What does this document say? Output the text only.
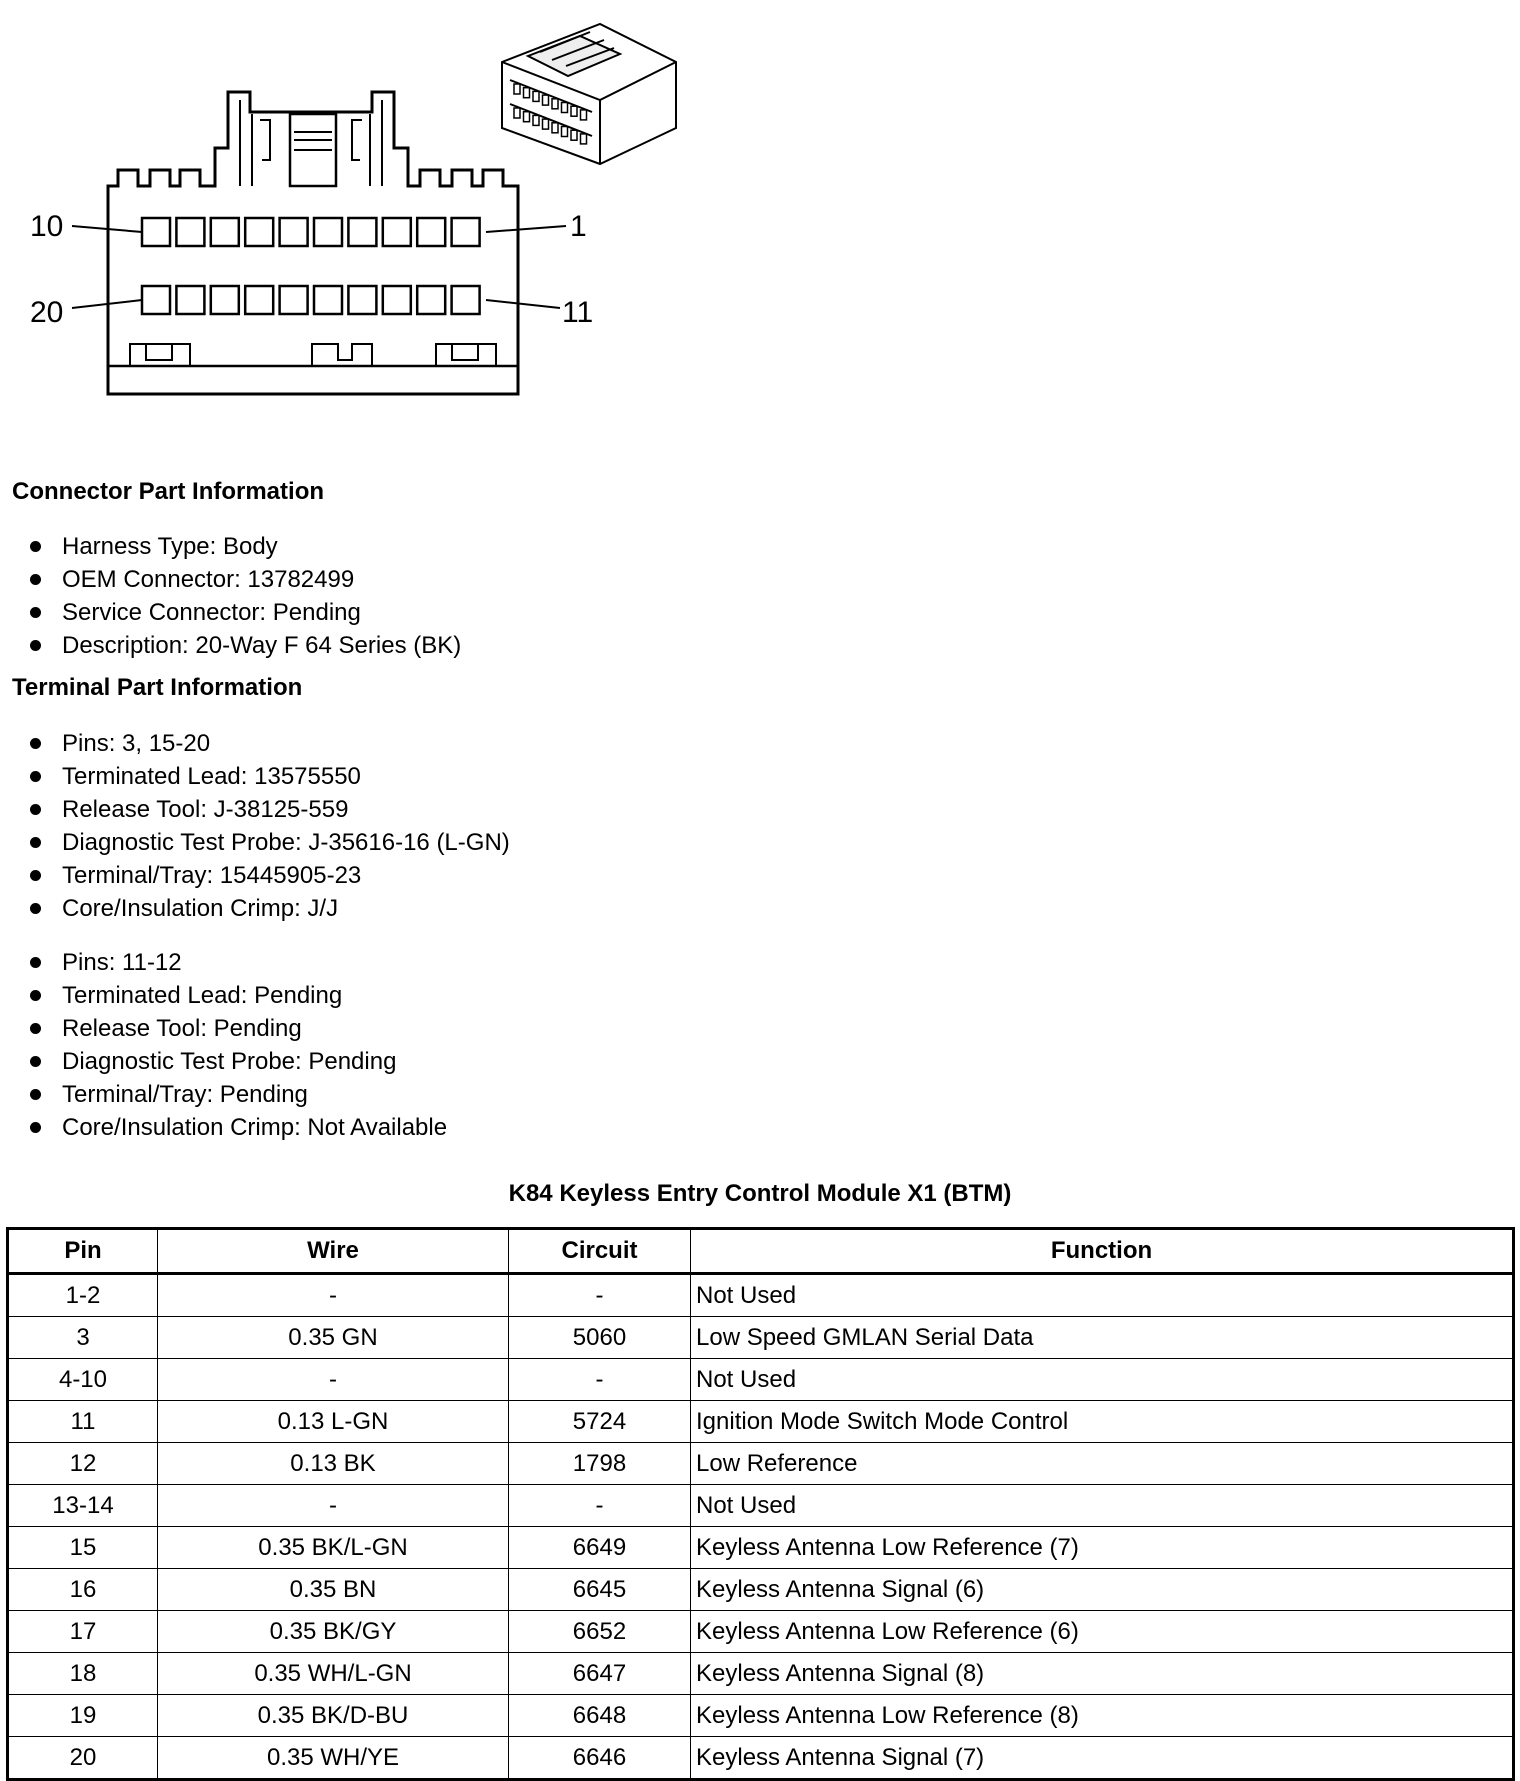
10	1
20	11
Connector Part Information
Harness Type: Body
OEM Connector: 13782499
Service Connector: Pending
Description: 20-Way F 64 Series (BK)
Terminal Part Information
Pins: 3, 15-20
Terminated Lead: 13575550
Release Tool: J-38125-559
Diagnostic Test Probe: J-35616-16 (L-GN)
Terminal/Tray: 15445905-23
Core/Insulation Crimp: J/J
Pins: 11-12
Terminated Lead: Pending
Release Tool: Pending
Diagnostic Test Probe: Pending
Terminal/Tray: Pending
Core/Insulation Crimp: Not Available
K84 Keyless Entry Control Module X1 (BTM)
Pin	Wire	Circuit	Function
1-2	-	-	Not Used
3	0.35 GN	5060	Low Speed GMLAN Serial Data
4-10	-	-	Not Used
11	0.13 L-GN	5724	Ignition Mode Switch Mode Control
12	0.13 BK	1798	Low Reference
13-14	-	-	Not Used
15	0.35 BK/L-GN	6649	Keyless Antenna Low Reference (7)
16	0.35 BN	6645	Keyless Antenna Signal (6)
17	0.35 BK/GY	6652	Keyless Antenna Low Reference (6)
18	0.35 WH/L-GN	6647	Keyless Antenna Signal (8)
19	0.35 BK/D-BU	6648	Keyless Antenna Low Reference (8)
20	0.35 WH/YE	6646	Keyless Antenna Signal (7)
